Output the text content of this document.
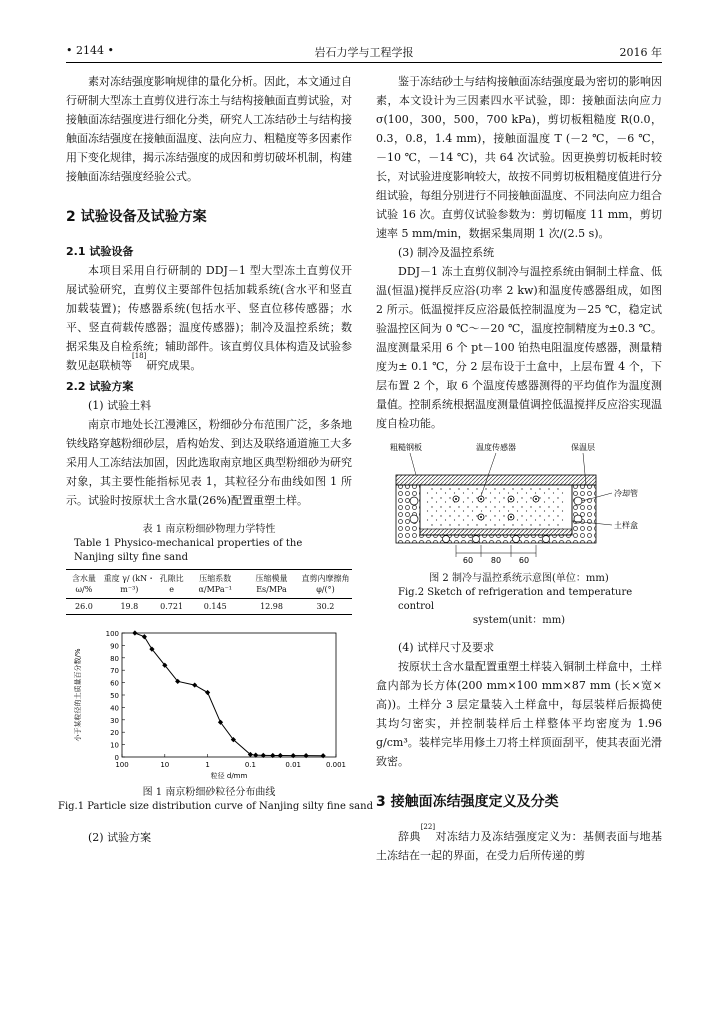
• 2144 •	岩石力学与工程学报	2016 年

素对冻结强度影响规律的量化分析。因此，本文通过自行研制大型冻土直剪仪进行冻土与结构接触面直剪试验，对接触面冻结强度进行细化分类，研究人工冻结砂土与结构接触面冻结强度在接触面温度、法向应力、粗糙度等多因素作用下变化规律，揭示冻结强度的成因和剪切破坏机制，构建接触面冻结强度经验公式。

2 试验设备及试验方案
2.1 试验设备

本项目采用自行研制的 DDJ－1 型大型冻土直剪仪开展试验研究，直剪仪主要部件包括加载系统(含水平和竖直加载装置)；传感器系统(包括水平、竖直位移传感器；水平、竖直荷载传感器；温度传感器)；制冷及温控系统；数据采集及自检系统；辅助部件。该直剪仪具体构造及试验参数见赵联桢等[18]研究成果。

2.2 试验方案
(1) 试验土料

南京市地处长江漫滩区，粉细砂分布范围广泛，多条地铁线路穿越粉细砂层，盾构始发、到达及联络通道施工大多采用人工冻结法加固，因此选取南京地区典型粉细砂为研究对象，其主要性能指标见表 1，其粒径分布曲线如图 1 所示。试验时按原状土含水量(26%)配置重塑土样。

表 1 南京粉细砂物理力学特性
Table 1 Physico-mechanical properties of the Nanjing silty fine sand
含水量 ω/%	重度 γ/ (kN・m⁻³)	孔隙比 e	压缩系数 α/MPa⁻¹	压缩模量 Es/MPa	直剪内摩擦角 φ/(°)
26.0	19.8	0.721	0.145	12.98	30.2
0
10
20
30
40
50
60
70
80
90
100
100	10	1	0.1	0.01	0.001
粒径 d/mm
小于某粒径的土质量百分数/%
图 1 南京粉细砂粒径分布曲线
Fig.1 Particle size distribution curve of Nanjing silty fine sand
(2) 试验方案

鉴于冻结砂土与结构接触面冻结强度最为密切的影响因素，本文设计为三因素四水平试验，即：接触面法向应力 σ(100，300，500，700 kPa)，剪切板粗糙度 R(0.0，0.3，0.8，1.4 mm)，接触面温度 T (－2 ℃，－6 ℃，－10 ℃，－14 ℃)，共 64 次试验。因更换剪切板耗时较长，对试验进度影响较大，故按不同剪切板粗糙度值进行分组试验，每组分别进行不同接触面温度、不同法向应力组合试验 16 次。直剪仪试验参数为：剪切幅度 11 mm，剪切速率 5 mm/min，数据采集周期 1 次/(2.5 s)。

(3) 制冷及温控系统

DDJ－1 冻土直剪仪制冷与温控系统由铜制土样盒、低温(恒温)搅拌反应浴(功率 2 kw)和温度传感器组成，如图 2 所示。低温搅拌反应浴最低控制温度为－25 ℃，稳定试验温控区间为 0 ℃～－20 ℃，温度控制精度为±0.3 ℃。温度测量采用 6 个 pt－100 铂热电阻温度传感器，测量精度为± 0.1 ℃，分 2 层布设于土盒中，上层布置 4 个，下层布置 2 个，取 6 个温度传感器测得的平均值作为温度测量值。控制系统根据温度测量值调控低温搅拌反应浴实现温度自检功能。

粗糙钢板	温度传感器	保温层
冷却管
土样盒
60 80 60
图 2 制冷与温控系统示意图(单位：mm)
Fig.2 Sketch of refrigeration and temperature control
system(unit：mm)
(4) 试样尺寸及要求

按原状土含水量配置重塑土样装入铜制土样盒中，土样盒内部为长方体(200 mm×100 mm×87 mm (长×宽×高))。土样分 3 层定量装入土样盒中，每层装样后振捣使其均匀密实，并控制装样后土样整体平均密度为 1.96 g/cm³。装样完毕用修土刀将土样顶面刮平，使其表面光滑致密。

3 接触面冻结强度定义及分类

辞典[22]对冻结力及冻结强度定义为：基侧表面与地基土冻结在一起的界面，在受力后所传递的剪
